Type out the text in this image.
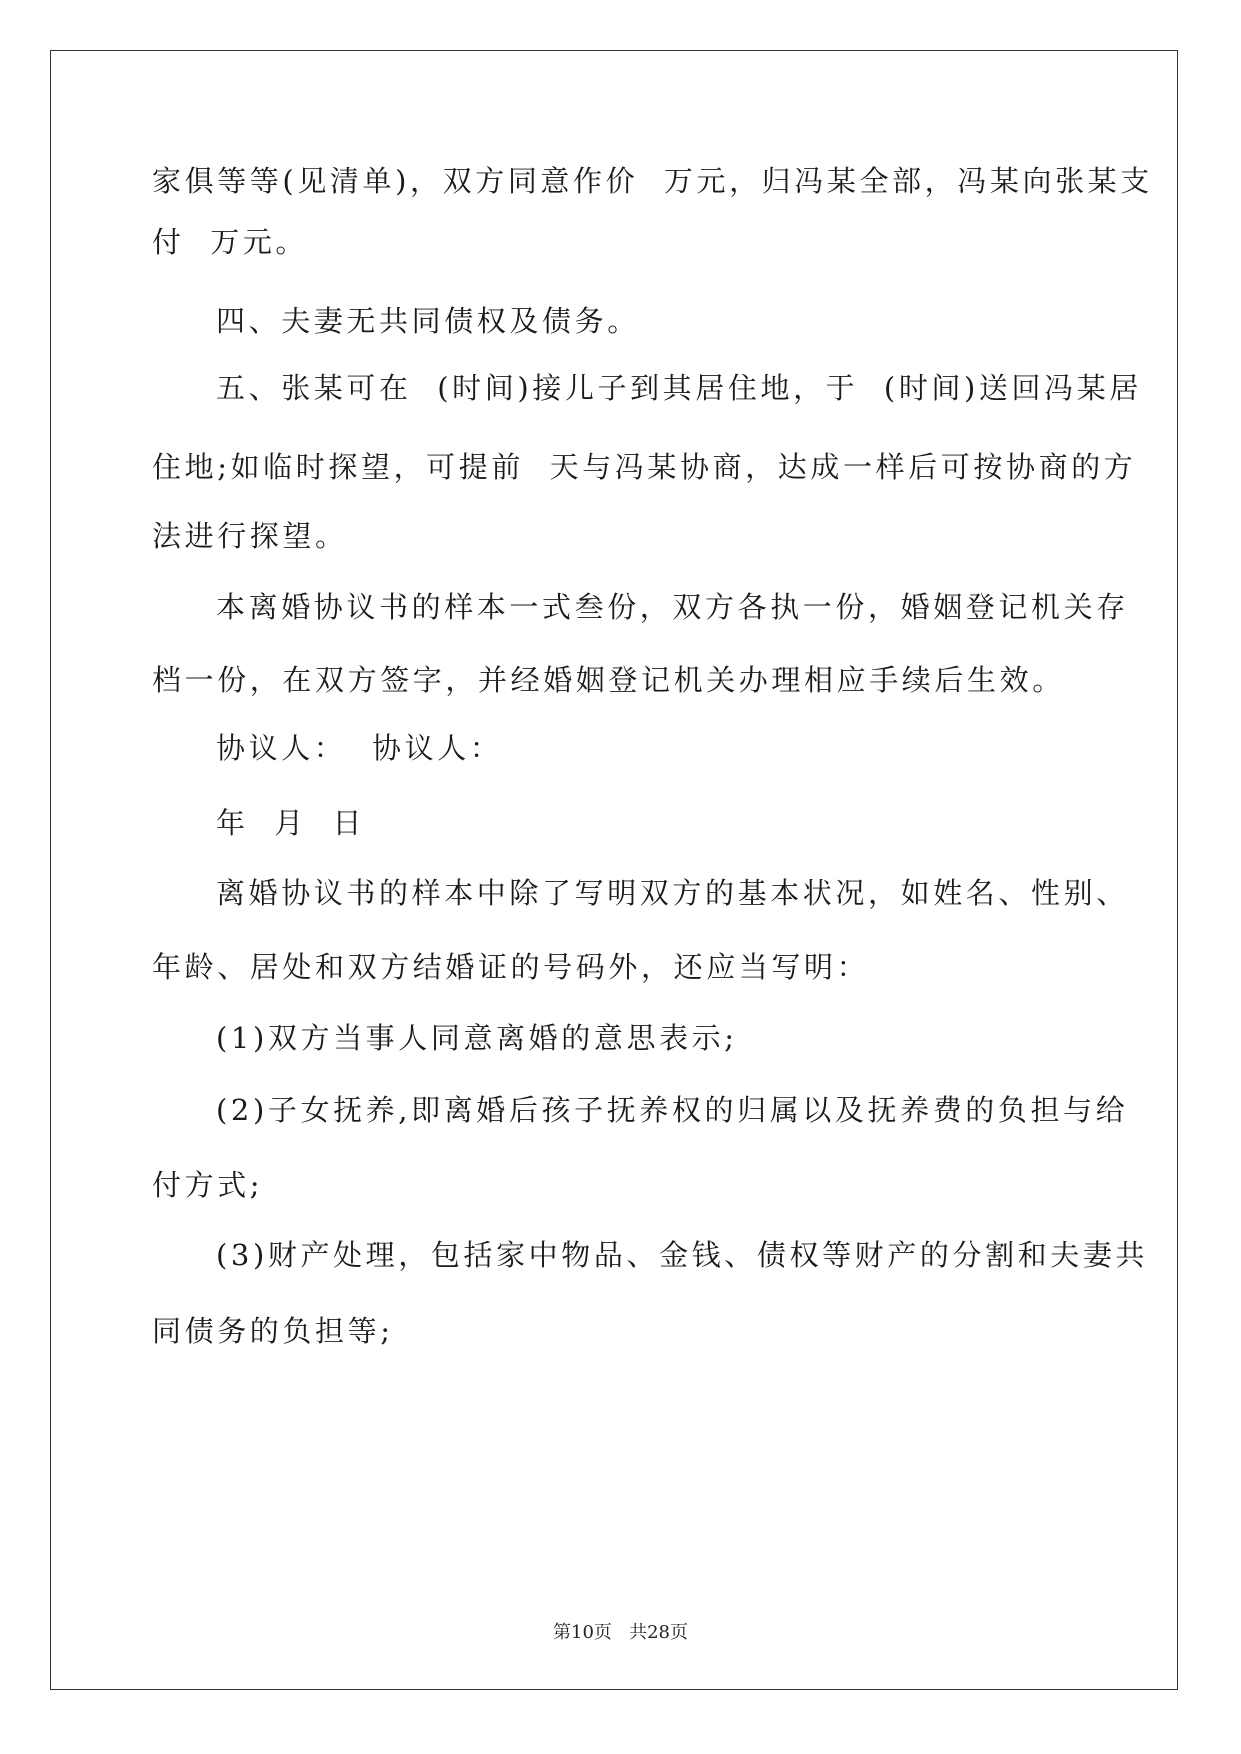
家俱等等(见清单)，双方同意作价  万元，归冯某全部，冯某向张某支
付  万元。
四、夫妻无共同债权及债务。
五、张某可在  (时间)接儿子到其居住地，于  (时间)送回冯某居
住地;如临时探望，可提前  天与冯某协商，达成一样后可按协商的方
法进行探望。
本离婚协议书的样本一式叁份，双方各执一份，婚姻登记机关存
档一份，在双方签字，并经婚姻登记机关办理相应手续后生效。
协议人：  协议人：
年  月  日
离婚协议书的样本中除了写明双方的基本状况，如姓名、性别、
年龄、居处和双方结婚证的号码外，还应当写明：
(1)双方当事人同意离婚的意思表示;
(2)子女抚养,即离婚后孩子抚养权的归属以及抚养费的负担与给
付方式;
(3)财产处理，包括家中物品、金钱、债权等财产的分割和夫妻共
同债务的负担等;
第10页   共28页
